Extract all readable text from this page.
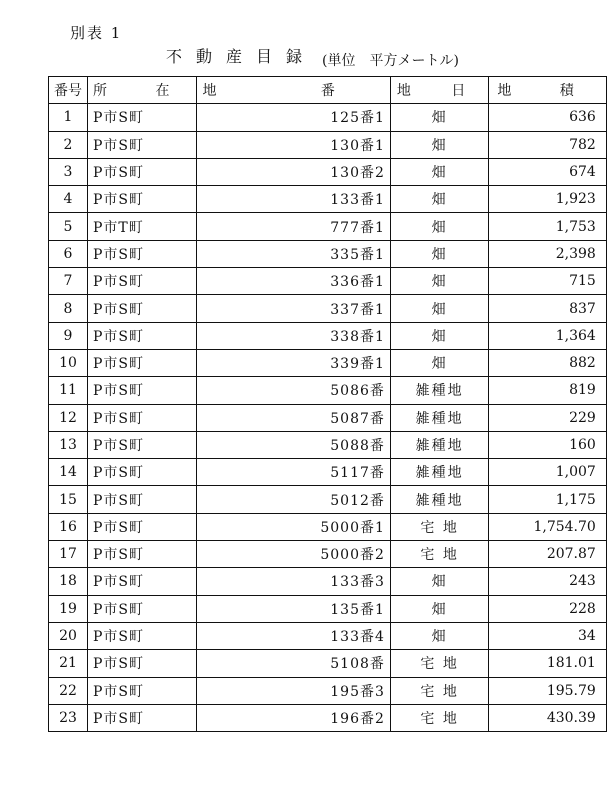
別表 1
不動産目録 (単位　平方メートル)
番号	所 在	地 番	地 日	地 積
1	P市S町	125番1	畑	636
2	P市S町	130番1	畑	782
3	P市S町	130番2	畑	674
4	P市S町	133番1	畑	1,923
5	P市T町	777番1	畑	1,753
6	P市S町	335番1	畑	2,398
7	P市S町	336番1	畑	715
8	P市S町	337番1	畑	837
9	P市S町	338番1	畑	1,364
10	P市S町	339番1	畑	882
11	P市S町	5086番	雑種地	819
12	P市S町	5087番	雑種地	229
13	P市S町	5088番	雑種地	160
14	P市S町	5117番	雑種地	1,007
15	P市S町	5012番	雑種地	1,175
16	P市S町	5000番1	宅 地	1,754.70
17	P市S町	5000番2	宅 地	207.87
18	P市S町	133番3	畑	243
19	P市S町	135番1	畑	228
20	P市S町	133番4	畑	34
21	P市S町	5108番	宅 地	181.01
22	P市S町	195番3	宅 地	195.79
23	P市S町	196番2	宅 地	430.39
